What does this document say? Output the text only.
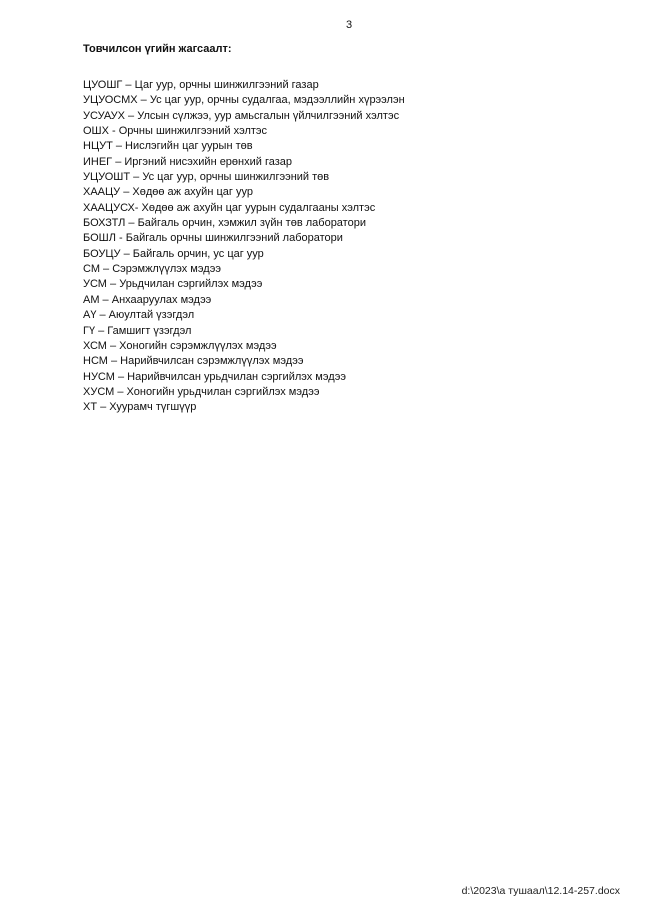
3
Товчилсон үгийн жагсаалт:
ЦУОШГ – Цаг уур, орчны шинжилгээний газар
УЦУОСМХ – Ус цаг уур, орчны судалгаа, мэдээллийн хүрээлэн
УСУАУХ – Улсын сүлжээ, уур амьсгалын үйлчилгээний хэлтэс
ОШХ - Орчны шинжилгээний хэлтэс
НЦУТ – Нислэгийн цаг уурын төв
ИНЕГ – Иргэний нисэхийн ерөнхий газар
УЦУОШТ – Ус цаг уур, орчны шинжилгээний төв
ХААЦУ – Хөдөө аж ахуйн цаг уур
ХААЦУСХ- Хөдөө аж ахуйн цаг уурын судалгааны хэлтэс
БОХЗТЛ – Байгаль орчин, хэмжил зүйн төв лаборатори
БОШЛ - Байгаль орчны шинжилгээний лаборатори
БОУЦУ – Байгаль орчин, ус цаг уур
СМ – Сэрэмжлүүлэх мэдээ
УСМ – Урьдчилан сэргийлэх мэдээ
АМ – Анхааруулах мэдээ
АҮ – Аюултай үзэгдэл
ГҮ – Гамшигт үзэгдэл
ХСМ – Хоногийн сэрэмжлүүлэх мэдээ
НСМ – Нарийвчилсан сэрэмжлүүлэх мэдээ
НУСМ – Нарийвчилсан урьдчилан сэргийлэх мэдээ
ХУСМ – Хоногийн урьдчилан сэргийлэх мэдээ
ХТ – Хуурамч түгшүүр
d:\2023\а тушаал\12.14-257.docx
